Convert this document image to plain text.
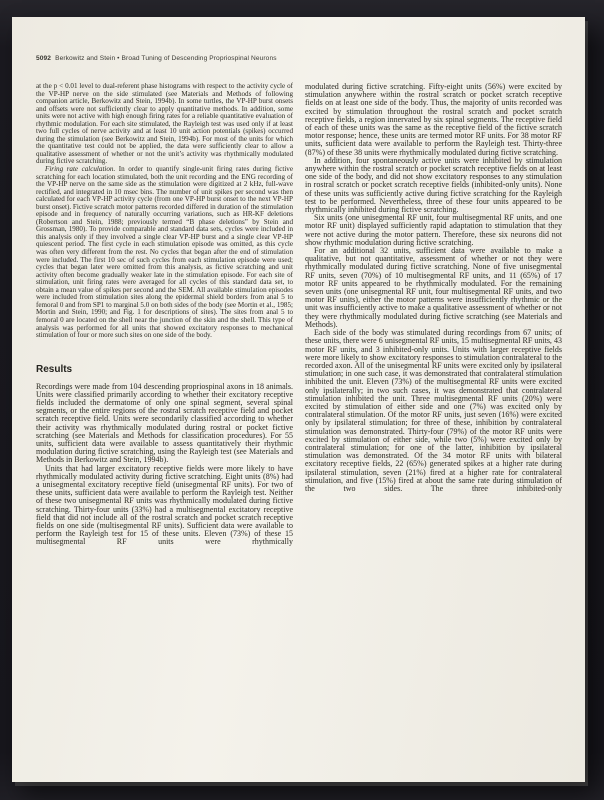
5092 Berkowitz and Stein • Broad Tuning of Descending Propriospinal Neurons

at the p < 0.01 level to dual-referent phase histograms with respect to the activity cycle of the VP-HP nerve on the side stimulated (see Materials and Methods of following companion article, Berkowitz and Stein, 1994b). In some turtles, the VP-HP burst onsets and offsets were not sufficiently clear to apply quantitative methods. In addition, some units were not active with high enough firing rates for a reliable quantitative evaluation of rhythmic modulation. For each site stimulated, the Rayleigh test was used only if at least two full cycles of nerve activity and at least 10 unit action potentials (spikes) occurred during the stimulation (see Berkowitz and Stein, 1994b). For most of the units for which the quantitative test could not be applied, the data were sufficiently clear to allow a qualitative assessment of whether or not the unit’s activity was rhythmically modulated during fictive scratching.

Firing rate calculation. In order to quantify single-unit firing rates during fictive scratching for each location stimulated, both the unit recording and the ENG recording of the VP-HP nerve on the same side as the stimulation were digitized at 2 kHz, full-wave rectified, and integrated in 10 msec bins. The number of unit spikes per second was then calculated for each VP-HP activity cycle (from one VP-HP burst onset to the next VP-HP burst onset). Fictive scratch motor patterns recorded differed in duration of the stimulation episode and in frequency of naturally occurring variations, such as HR-KF deletions (Robertson and Stein, 1988; previously termed “B phase deletions” by Stein and Grossman, 1980). To provide comparable and standard data sets, cycles were included in this analysis only if they involved a single clear VP-HP burst and a single clear VP-HP quiescent period. The first cycle in each stimulation episode was omitted, as this cycle was often very different from the rest. No cycles that began after the end of stimulation were included. The first 10 sec of such cycles from each stimulation episode were used; cycles that began later were omitted from this analysis, as fictive scratching and unit activity often become gradually weaker late in the stimulation episode. For each site of stimulation, unit firing rates were averaged for all cycles of this standard data set, to obtain a mean value of spikes per second and the SEM. All available stimulation episodes were included from stimulation sites along the epidermal shield borders from anal 5 to femoral 0 and from SP1 to marginal 5.0 on both sides of the body (see Mortin et al., 1985; Mortin and Stein, 1990; and Fig. 1 for descriptions of sites). The sites from anal 5 to femoral 0 are located on the shell near the junction of the skin and the shell. This type of analysis was performed for all units that showed excitatory responses to mechanical stimulation of four or more such sites on one side of the body.

Results

Recordings were made from 104 descending propriospinal axons in 18 animals. Units were classified primarily according to whether their excitatory receptive fields included the dermatome of only one spinal segment, several spinal segments, or the entire regions of the rostral scratch receptive field and pocket scratch receptive field. Units were secondarily classified according to whether their activity was rhythmically modulated during rostral or pocket fictive scratching (see Materials and Methods for classification procedures). For 55 units, sufficient data were available to assess quantitatively their rhythmic modulation during fictive scratching, using the Rayleigh test (see Materials and Methods in Berkowitz and Stein, 1994b).

Units that had larger excitatory receptive fields were more likely to have rhythmically modulated activity during fictive scratching. Eight units (8%) had a unisegmental excitatory receptive field (unisegmental RF units). For two of these units, sufficient data were available to perform the Rayleigh test. Neither of these two unisegmental RF units was rhythmically modulated during fictive scratching. Thirty-four units (33%) had a multisegmental excitatory receptive field that did not include all of the rostral scratch and pocket scratch receptive fields on one side (multisegmental RF units). Sufficient data were available to perform the Rayleigh test for 15 of these units. Eleven (73%) of these 15 multisegmental RF units were rhythmically

modulated during fictive scratching. Fifty-eight units (56%) were excited by stimulation anywhere within the rostral scratch or pocket scratch receptive fields on at least one side of the body. Thus, the majority of units recorded was excited by stimulation throughout the rostral scratch and pocket scratch receptive fields, a region innervated by six spinal segments. The receptive field of each of these units was the same as the receptive field of the fictive scratch motor response; hence, these units are termed motor RF units. For 38 motor RF units, sufficient data were available to perform the Rayleigh test. Thirty-three (87%) of these 38 units were rhythmically modulated during fictive scratching.

In addition, four spontaneously active units were inhibited by stimulation anywhere within the rostral scratch or pocket scratch receptive fields on at least one side of the body, and did not show excitatory responses to any stimulation in rostral scratch or pocket scratch receptive fields (inhibited-only units). None of these units was sufficiently active during fictive scratching for the Rayleigh test to be performed. Nevertheless, three of these four units appeared to be rhythmically inhibited during fictive scratching.

Six units (one unisegmental RF unit, four multisegmental RF units, and one motor RF unit) displayed sufficiently rapid adaptation to stimulation that they were not active during the motor pattern. Therefore, these six neurons did not show rhythmic modulation during fictive scratching.

For an additional 32 units, sufficient data were available to make a qualitative, but not quantitative, assessment of whether or not they were rhythmically modulated during fictive scratching. None of five unisegmental RF units, seven (70%) of 10 multisegmental RF units, and 11 (65%) of 17 motor RF units appeared to be rhythmically modulated. For the remaining seven units (one unisegmental RF unit, four multisegmental RF units, and two motor RF units), either the motor patterns were insufficiently rhythmic or the unit was insufficiently active to make a qualitative assessment of whether or not they were rhythmically modulated during fictive scratching (see Materials and Methods).

Each side of the body was stimulated during recordings from 67 units; of these units, there were 6 unisegmental RF units, 15 multisegmental RF units, 43 motor RF units, and 3 inhibited-only units. Units with larger receptive fields were more likely to show excitatory responses to stimulation contralateral to the recorded axon. All of the unisegmental RF units were excited only by ipsilateral stimulation; in one such case, it was demonstrated that contralateral stimulation inhibited the unit. Eleven (73%) of the multisegmental RF units were excited only ipsilaterally; in two such cases, it was demonstrated that contralateral stimulation inhibited the unit. Three multisegmental RF units (20%) were excited by stimulation of either side and one (7%) was excited only by contralateral stimulation. Of the motor RF units, just seven (16%) were excited only by ipsilateral stimulation; for three of these, inhibition by contralateral stimulation was demonstrated. Thirty-four (79%) of the motor RF units were excited by stimulation of either side, while two (5%) were excited only by contralateral stimulation; for one of the latter, inhibition by ipsilateral stimulation was demonstrated. Of the 34 motor RF units with bilateral excitatory receptive fields, 22 (65%) generated spikes at a higher rate during ipsilateral stimulation, seven (21%) fired at a higher rate for contralateral stimulation, and five (15%) fired at about the same rate during stimulation of the two sides. The three inhibited-only
